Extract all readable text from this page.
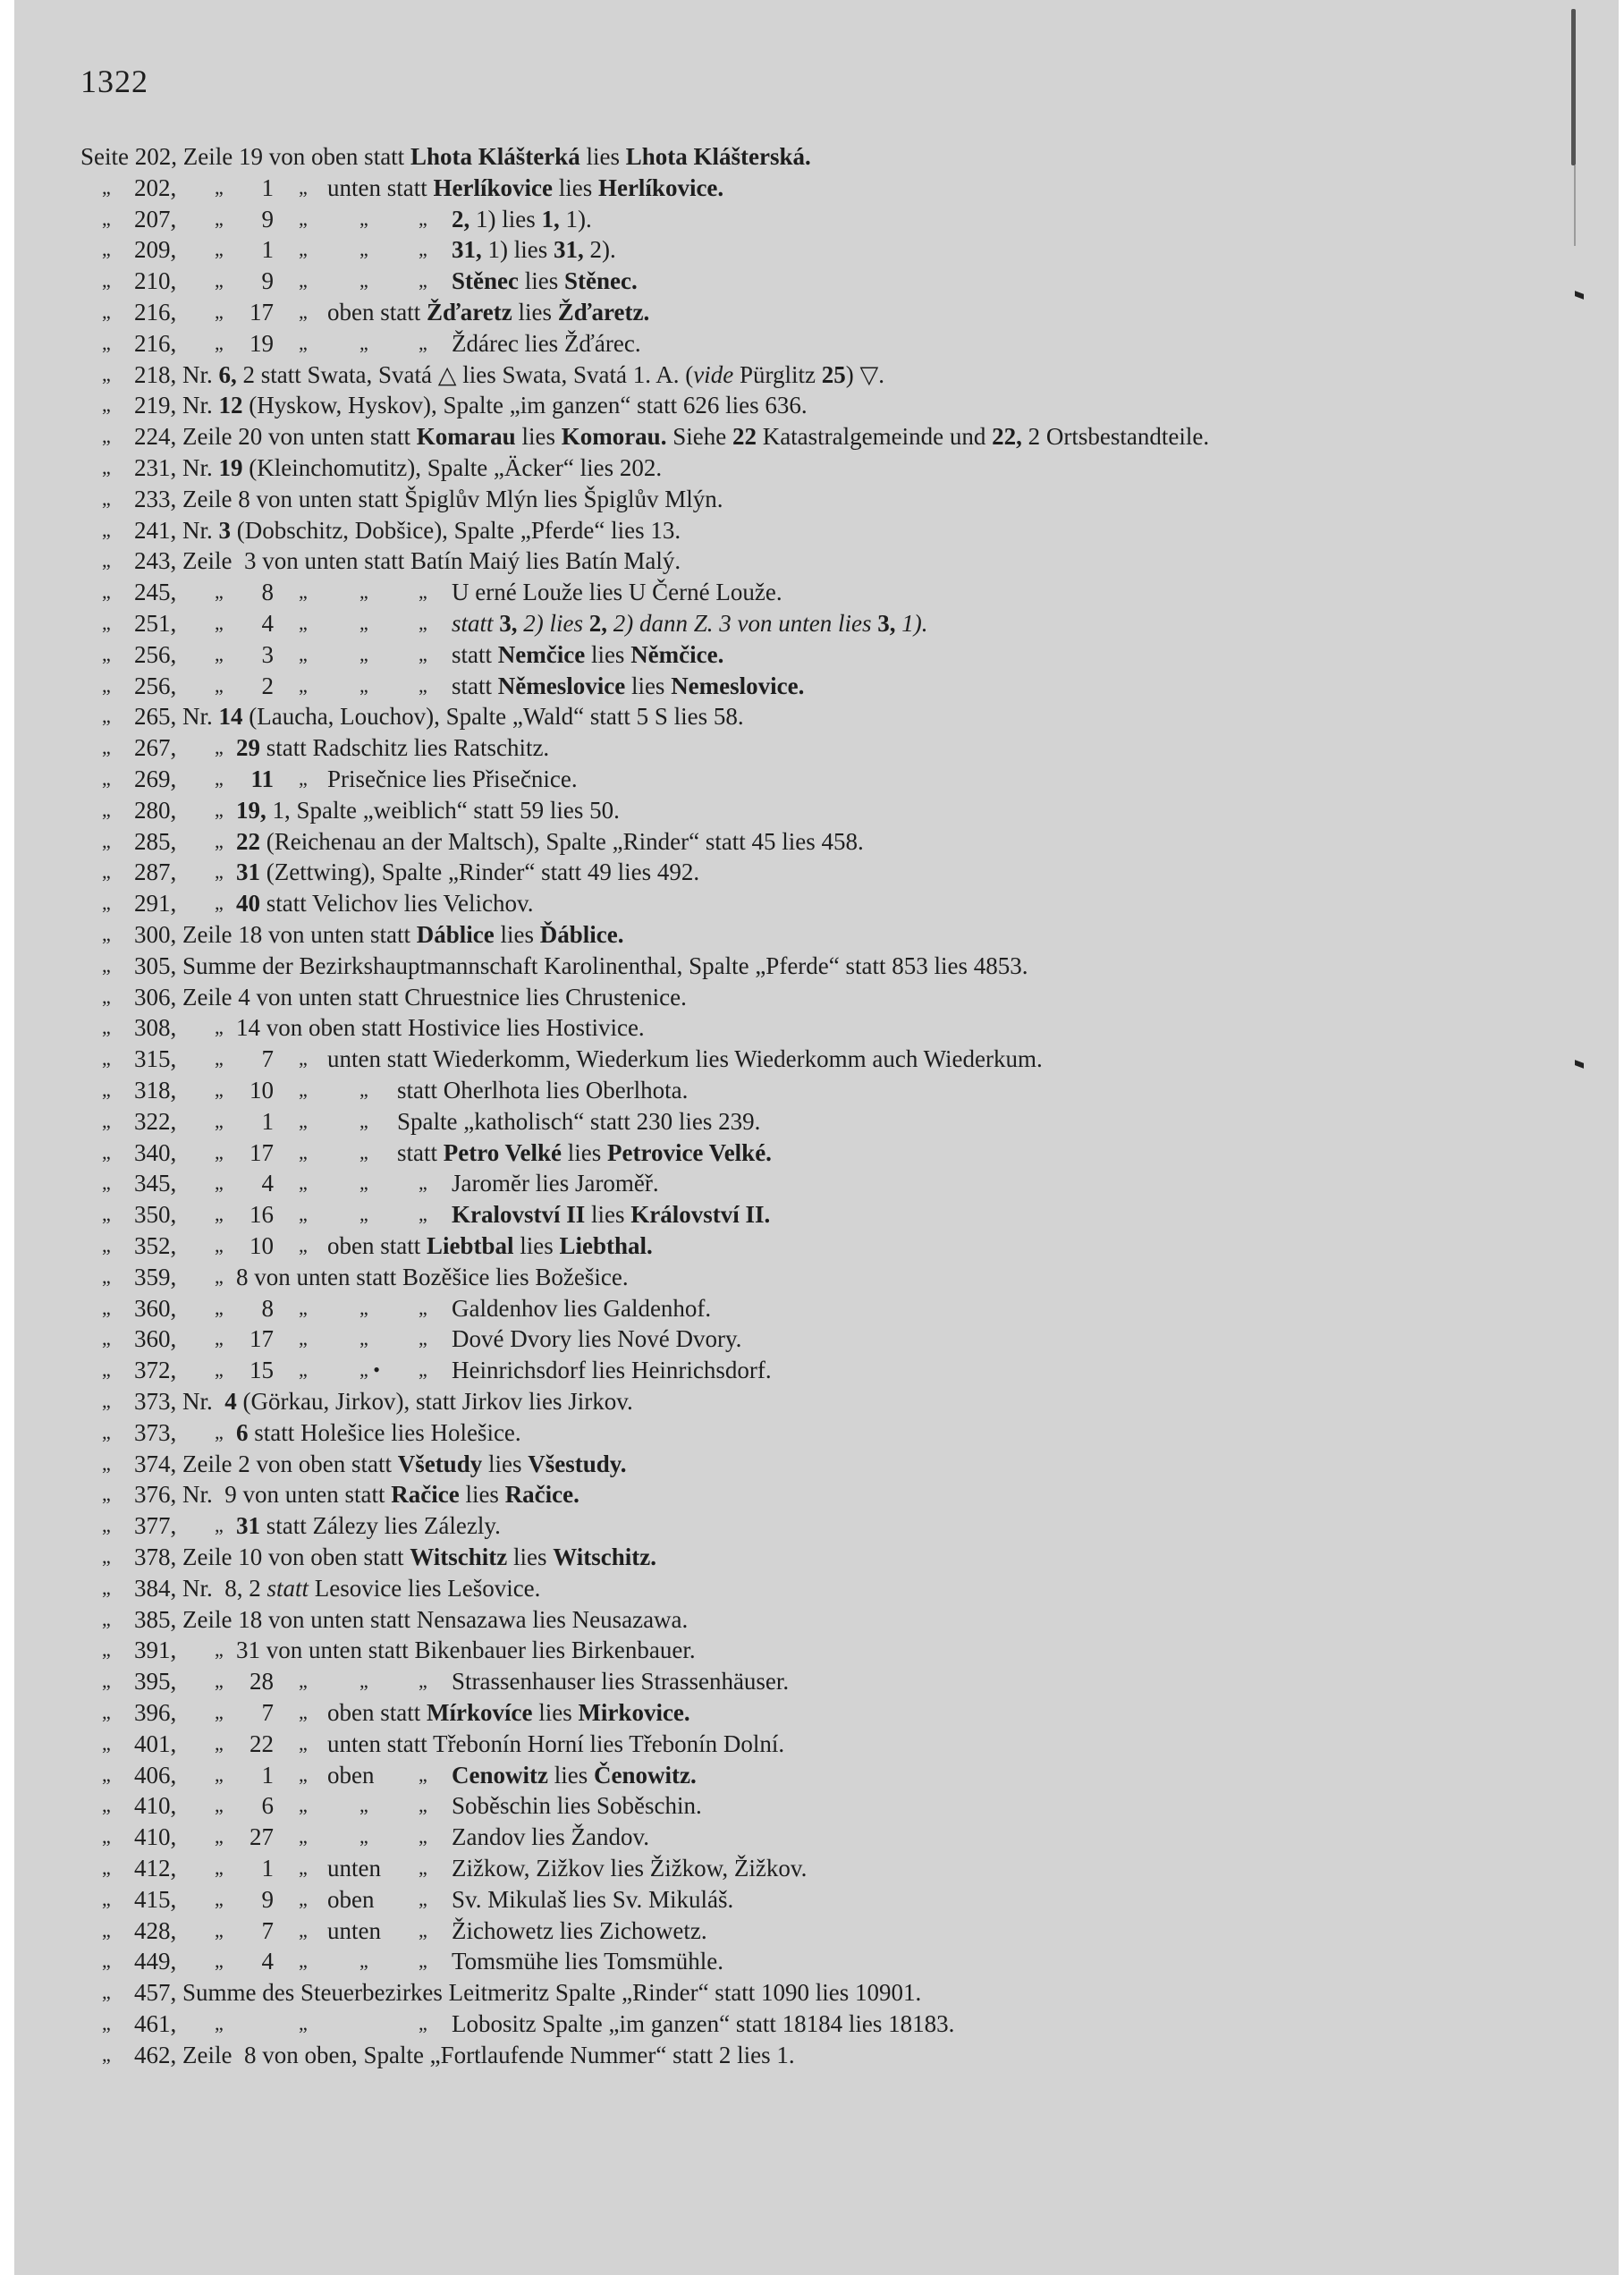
1322
Seite 202, Zeile 19 von oben statt Lhota Klášterká lies Lhota Klášterská.
„ 202, „	1 „ unten statt Herlíkovice lies Herlíkovice.
„ 207, „	9 „	„	„ 2, 1) lies 1, 1).
„ 209, „	1 „	„	„ 31, 1) lies 31, 2).
„ 210, „	9 „	„	„ Stěnec lies Stěnec.
„ 216, „	17 „ oben statt Žďaretz lies Žďaretz.
„ 216, „	19 „	„	„ Ždárec lies Žďárec.
„ 218, Nr. 6, 2 statt Swata, Svatá △ lies Swata, Svatá 1. A. (vide Pürglitz 25) ▽.
„ 219, Nr. 12 (Hyskow, Hyskov), Spalte „im ganzen“ statt 626 lies 636.
„ 224, Zeile 20 von unten statt Komarau lies Komorau. Siehe 22 Katastralgemeinde und 22, 2 Ortsbestandteile.
„ 231, Nr. 19 (Kleinchomutitz), Spalte „Äcker“ lies 202.
„ 233, Zeile 8 von unten statt Špiglův Mlýn lies Špiglův Mlýn.
„ 241, Nr. 3 (Dobschitz, Dobšice), Spalte „Pferde“ lies 13.
„ 243, Zeile  3 von unten statt Batín Maiý lies Batín Malý.
„ 245, „	8 „	„	„ U erné Louže lies U Černé Louže.
„ 251, „	4 „	„	„ statt 3, 2) lies 2, 2) dann Z. 3 von unten lies 3, 1).
„ 256, „	3 „	„	„ statt Nemčice lies Němčice.
„ 256, „	2 „	„	„ statt Němeslovice lies Nemeslovice.
„ 265, Nr. 14 (Laucha, Louchov), Spalte „Wald“ statt 5 S lies 58.
„ 267, „ 29 statt Radschitz lies Ratschitz.
„ 269, „	11 „ Prisečnice lies Přisečnice.
„ 280, „ 19, 1, Spalte „weiblich“ statt 59 lies 50.
„ 285, „ 22 (Reichenau an der Maltsch), Spalte „Rinder“ statt 45 lies 458.
„ 287, „ 31 (Zettwing), Spalte „Rinder“ statt 49 lies 492.
„ 291, „ 40 statt Velichov lies Velichov.
„ 300, Zeile 18 von unten statt Dáblice lies Ďáblice.
„ 305, Summe der Bezirkshauptmannschaft Karolinenthal, Spalte „Pferde“ statt 853 lies 4853.
„ 306, Zeile 4 von unten statt Chruestnice lies Chrustenice.
„ 308, „ 14 von oben statt Hostivice lies Hostivice.
„ 315, „	7 „ unten statt Wiederkomm, Wiederkum lies Wiederkomm auch Wiederkum.
„ 318, „	10 „	„ statt Oherlhota lies Oberlhota.
„ 322, „	1 „	„ Spalte „katholisch“ statt 230 lies 239.
„ 340, „	17 „	„ statt Petro Velké lies Petrovice Velké.
„ 345, „	4 „	„	„ Jaromĕr lies Jaroměř.
„ 350, „	16 „	„	„ Kralovství II lies Království II.
„ 352, „	10 „ oben statt Liebtbal lies Liebthal.
„ 359, „ 8 von unten statt Bozěšice lies Božešice.
„ 360, „	8 „	„	„ Galdenhov lies Galdenhof.
„ 360, „	17 „	„	„ Dové Dvory lies Nové Dvory.
„ 372, „	15 „	„ • „ Heinrichsdorf lies Heinrichsdorf.
„ 373, Nr.  4 (Görkau, Jirkov), statt Jirkov lies Jirkov.
„ 373, „ 6 statt Holešice lies Holešice.
„ 374, Zeile 2 von oben statt Všetudy lies Všestudy.
„ 376, Nr.  9 von unten statt Račice lies Račice.
„ 377, „ 31 statt Zálezy lies Zálezly.
„ 378, Zeile 10 von oben statt Witschitz lies Witschitz.
„ 384, Nr.  8, 2 statt Lesovice lies Lešovice.
„ 385, Zeile 18 von unten statt Nensazawa lies Neusazawa.
„ 391, „ 31 von unten statt Bikenbauer lies Birkenbauer.
„ 395, „	28 „	„	„ Strassenhauser lies Strassenhäuser.
„ 396, „	7 „ oben statt Mírkovíce lies Mirkovice.
„ 401, „	22 „ unten statt Třebonín Horní lies Třebonín Dolní.
„ 406, „	1 „ oben „ Cenowitz lies Čenowitz.
„ 410, „	6 „	„	„ Soběschin lies Soběschin.
„ 410, „	27 „	„	„ Zandov lies Žandov.
„ 412, „	1 „ unten „ Zižkow, Zižkov lies Žižkow, Žižkov.
„ 415, „	9 „ oben „ Sv. Mikulaš lies Sv. Mikuláš.
„ 428, „	7 „ unten „ Žichowetz lies Zichowetz.
„ 449, „	4 „	„	„ Tomsmühe lies Tomsmühle.
„ 457, Summe des Steuerbezirkes Leitmeritz Spalte „Rinder“ statt 1090 lies 10901.
„ 461, „	„	„ Lobositz Spalte „im ganzen“ statt 18184 lies 18183.
„ 462, Zeile  8 von oben, Spalte „Fortlaufende Nummer“ statt 2 lies 1.
